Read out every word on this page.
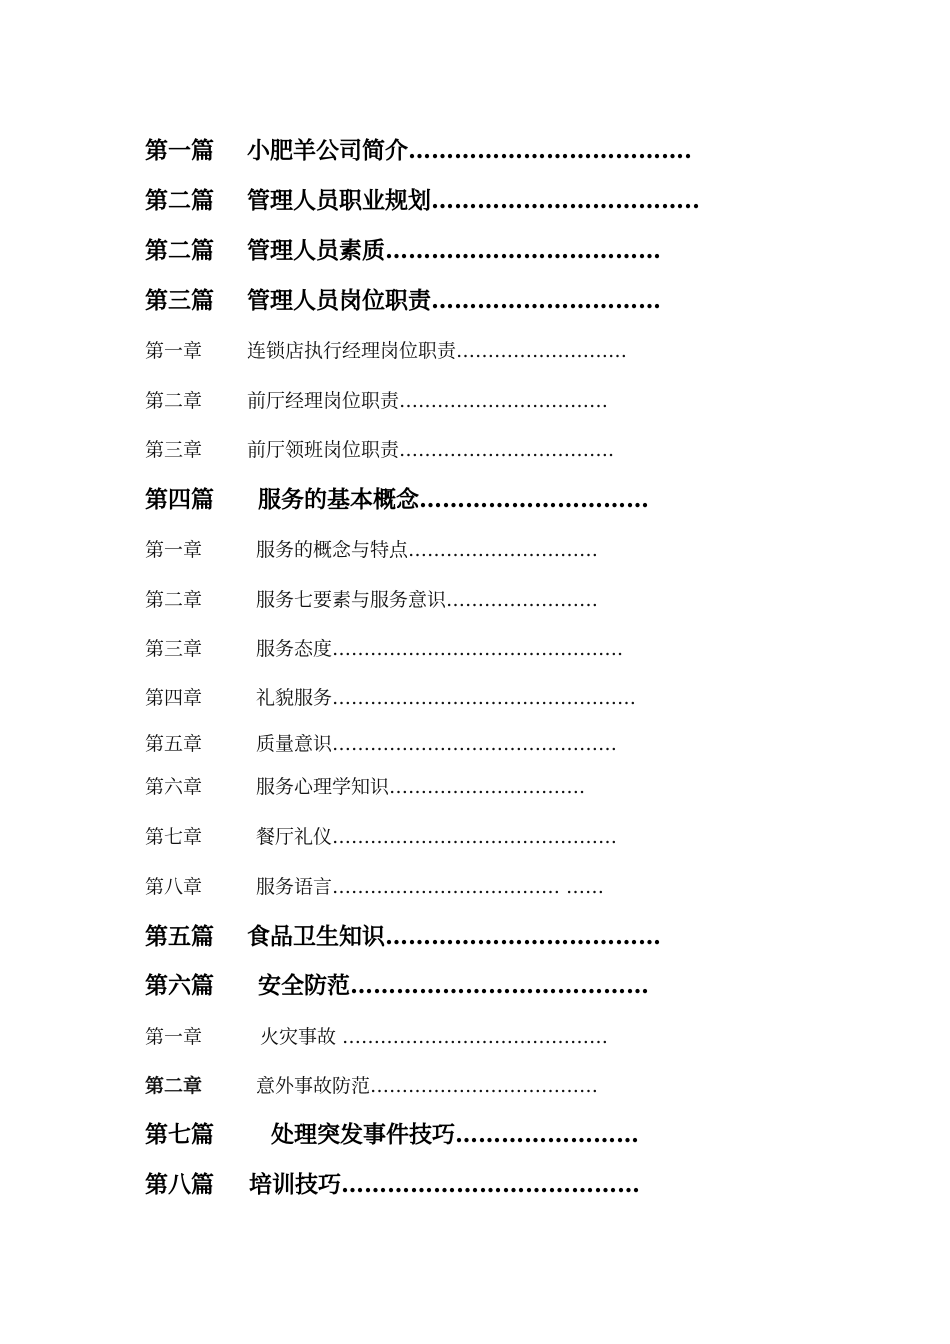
第一篇 小肥羊公司简介……………………………….
第二篇 管理人员职业规划……………………………..
第二篇 管理人员素质………………………………
第三篇 管理人员岗位职责…………………………
第一章 连锁店执行经理岗位职责………………………
第二章 前厅经理岗位职责……………………………
第三章 前厅领班岗位职责…………………………….
第四篇 服务的基本概念…………………………
第一章	服务的概念与特点…………………………
第二章	服务七要素与服务意识……………………
第三章	服务态度……………………………………….
第四章	礼貌服务…………………………………………
第五章	质量意识………………………………………
第六章	服务心理学知识………………………….
第七章	餐厅礼仪………………………………………
第八章	服务语言……………………………… ……
第五篇 食品卫生知识………………………………
第六篇 安全防范…………………………………
第一章	火灾事故 ……………………………………
第二章	意外事故防范………………………………
第七篇 处理突发事件技巧……………………
第八篇 培训技巧…………………………………
